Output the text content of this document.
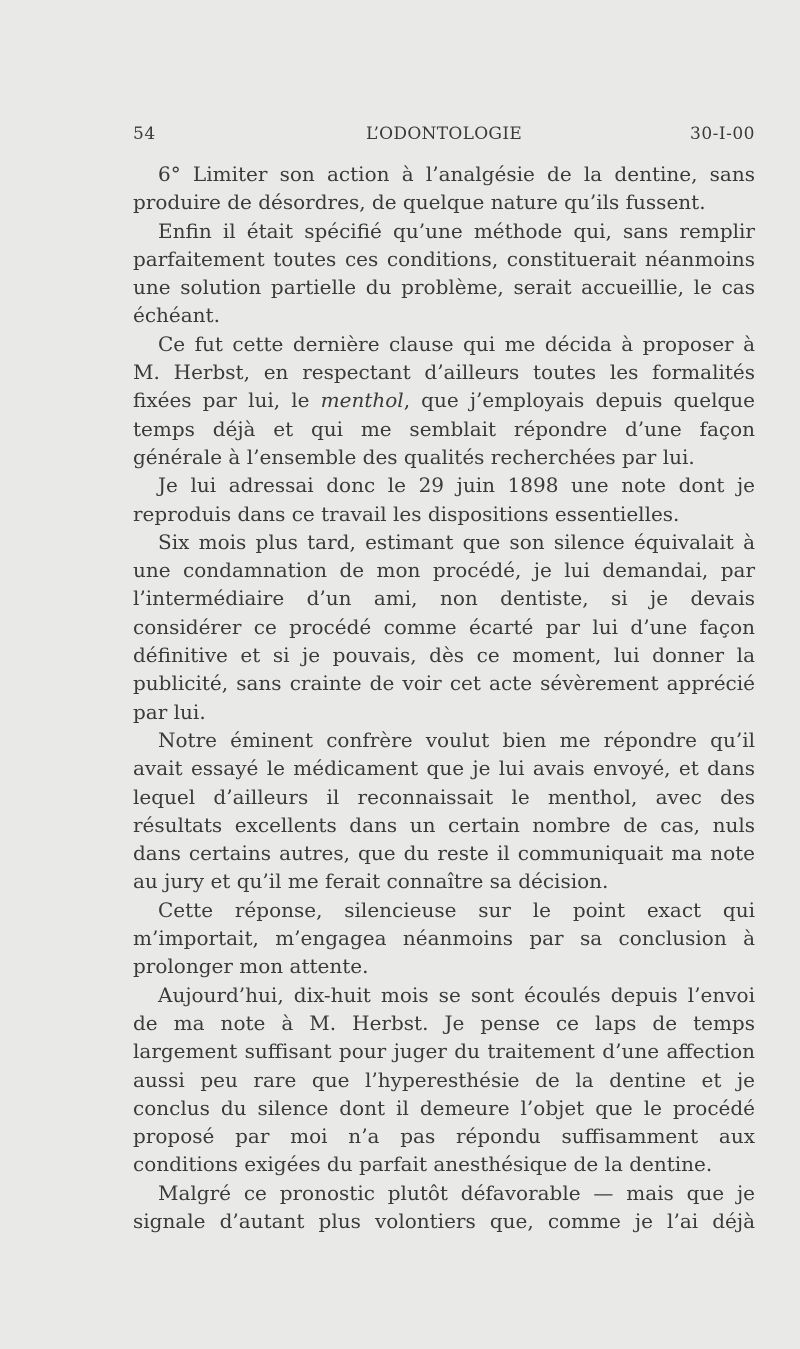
54	L’ODONTOLOGIE	30-I-00

6° Limiter son action à l’analgésie de la dentine, sans produire de désordres, de quelque nature qu’ils fussent.

Enfin il était spécifié qu’une méthode qui, sans remplir parfaitement toutes ces conditions, constituerait néanmoins une solution partielle du problème, serait accueillie, le cas échéant.

Ce fut cette dernière clause qui me décida à proposer à M. Herbst, en respectant d’ailleurs toutes les formalités fixées par lui, le menthol, que j’employais depuis quelque temps déjà et qui me semblait répondre d’une façon générale à l’ensemble des qualités recherchées par lui.

Je lui adressai donc le 29 juin 1898 une note dont je reproduis dans ce travail les dispositions essentielles.

Six mois plus tard, estimant que son silence équivalait à une condamnation de mon procédé, je lui demandai, par l’intermédiaire d’un ami, non dentiste, si je devais considérer ce procédé comme écarté par lui d’une façon définitive et si je pouvais, dès ce moment, lui donner la publicité, sans crainte de voir cet acte sévèrement apprécié par lui.

Notre éminent confrère voulut bien me répondre qu’il avait essayé le médicament que je lui avais envoyé, et dans lequel d’ailleurs il reconnaissait le menthol, avec des résultats excellents dans un certain nombre de cas, nuls dans certains autres, que du reste il communiquait ma note au jury et qu’il me ferait connaître sa décision.

Cette réponse, silencieuse sur le point exact qui m’importait, m’engagea néanmoins par sa conclusion à prolonger mon attente.

Aujourd’hui, dix-huit mois se sont écoulés depuis l’envoi de ma note à M. Herbst. Je pense ce laps de temps largement suffisant pour juger du traitement d’une affection aussi peu rare que l’hyperesthésie de la dentine et je conclus du silence dont il demeure l’objet que le procédé proposé par moi n’a pas répondu suffisamment aux conditions exigées du parfait anesthésique de la dentine.

Malgré ce pronostic plutôt défavorable — mais que je signale d’autant plus volontiers que, comme je l’ai déjà
